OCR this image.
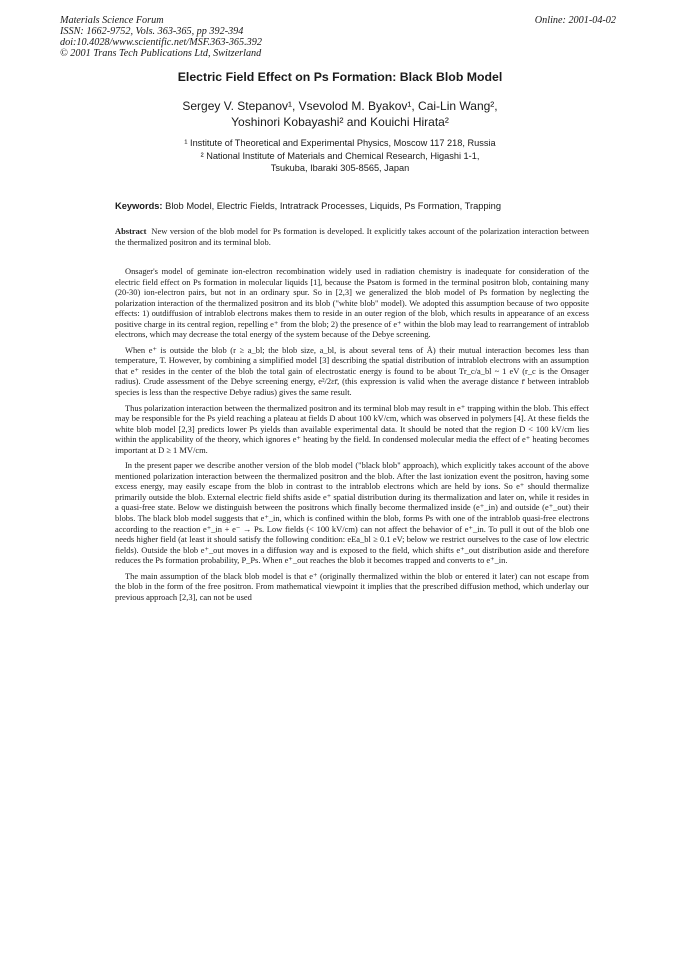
Materials Science Forum
ISSN: 1662-9752, Vols. 363-365, pp 392-394
doi:10.4028/www.scientific.net/MSF.363-365.392
© 2001 Trans Tech Publications Ltd, Switzerland
Online: 2001-04-02
Electric Field Effect on Ps Formation: Black Blob Model
Sergey V. Stepanov¹, Vsevolod M. Byakov¹, Cai-Lin Wang²,
Yoshinori Kobayashi² and Kouichi Hirata²
¹ Institute of Theoretical and Experimental Physics, Moscow 117 218, Russia
² National Institute of Materials and Chemical Research, Higashi 1-1,
Tsukuba, Ibaraki 305-8565, Japan
Keywords: Blob Model, Electric Fields, Intratrack Processes, Liquids, Ps Formation, Trapping

Abstract New version of the blob model for Ps formation is developed. It explicitly takes account of the polarization interaction between the thermalized positron and its terminal blob.

Onsager's model of geminate ion-electron recombination widely used in radiation chemistry is inadequate for consideration of the electric field effect on Ps formation in molecular liquids [1], because the Psatom is formed in the terminal positron blob, containing many (20-30) ion-electron pairs, but not in an ordinary spur. So in [2,3] we generalized the blob model of Ps formation by neglecting the polarization interaction of the thermalized positron and its blob ("white blob" model). We adopted this assumption because of two opposite effects: 1) outdiffusion of intrablob electrons makes them to reside in an outer region of the blob, which results in appearance of an excess positive charge in its central region, repelling e⁺ from the blob; 2) the presence of e⁺ within the blob may lead to rearrangement of intrablob electrons, which may decrease the total energy of the system because of the Debye screening.

When e⁺ is outside the blob (r ≥ a_bl; the blob size, a_bl, is about several tens of Å) their mutual interaction becomes less than temperature, T. However, by combining a simplified model [3] describing the spatial distribution of intrablob electrons with an assumption that e⁺ resides in the center of the blob the total gain of electrostatic energy is found to be about Tr_c/a_bl ~ 1 eV (r_c is the Onsager radius). Crude assessment of the Debye screening energy, e²/2εr̄, (this expression is valid when the average distance r̄ between intrablob species is less than the respective Debye radius) gives the same result.

Thus polarization interaction between the thermalized positron and its terminal blob may result in e⁺ trapping within the blob. This effect may be responsible for the Ps yield reaching a plateau at fields D about 100 kV/cm, which was observed in polymers [4]. At these fields the white blob model [2,3] predicts lower Ps yields than available experimental data. It should be noted that the region D < 100 kV/cm lies within the applicability of the theory, which ignores e⁺ heating by the field. In condensed molecular media the effect of e⁺ heating becomes important at D ≥ 1 MV/cm.

In the present paper we describe another version of the blob model ("black blob" approach), which explicitly takes account of the above mentioned polarization interaction between the thermalized positron and the blob. After the last ionization event the positron, having some excess energy, may easily escape from the blob in contrast to the intrablob electrons which are held by ions. So e⁺ should thermalize primarily outside the blob. External electric field shifts aside e⁺ spatial distribution during its thermalization and later on, while it resides in a quasi-free state. Below we distinguish between the positrons which finally become thermalized inside (e⁺_in) and outside (e⁺_out) their blobs. The black blob model suggests that e⁺_in, which is confined within the blob, forms Ps with one of the intrablob quasi-free electrons according to the reaction e⁺_in + e⁻ → Ps. Low fields (< 100 kV/cm) can not affect the behavior of e⁺_in. To pull it out of the blob one needs higher field (at least it should satisfy the following condition: eEa_bl ≥ 0.1 eV; below we restrict ourselves to the case of low electric fields). Outside the blob e⁺_out moves in a diffusion way and is exposed to the field, which shifts e⁺_out distribution aside and therefore reduces the Ps formation probability, P_Ps. When e⁺_out reaches the blob it becomes trapped and converts to e⁺_in.

The main assumption of the black blob model is that e⁺ (originally thermalized within the blob or entered it later) can not escape from the blob in the form of the free positron. From mathematical viewpoint it implies that the prescribed diffusion method, which underlay our previous approach [2,3], can not be used
